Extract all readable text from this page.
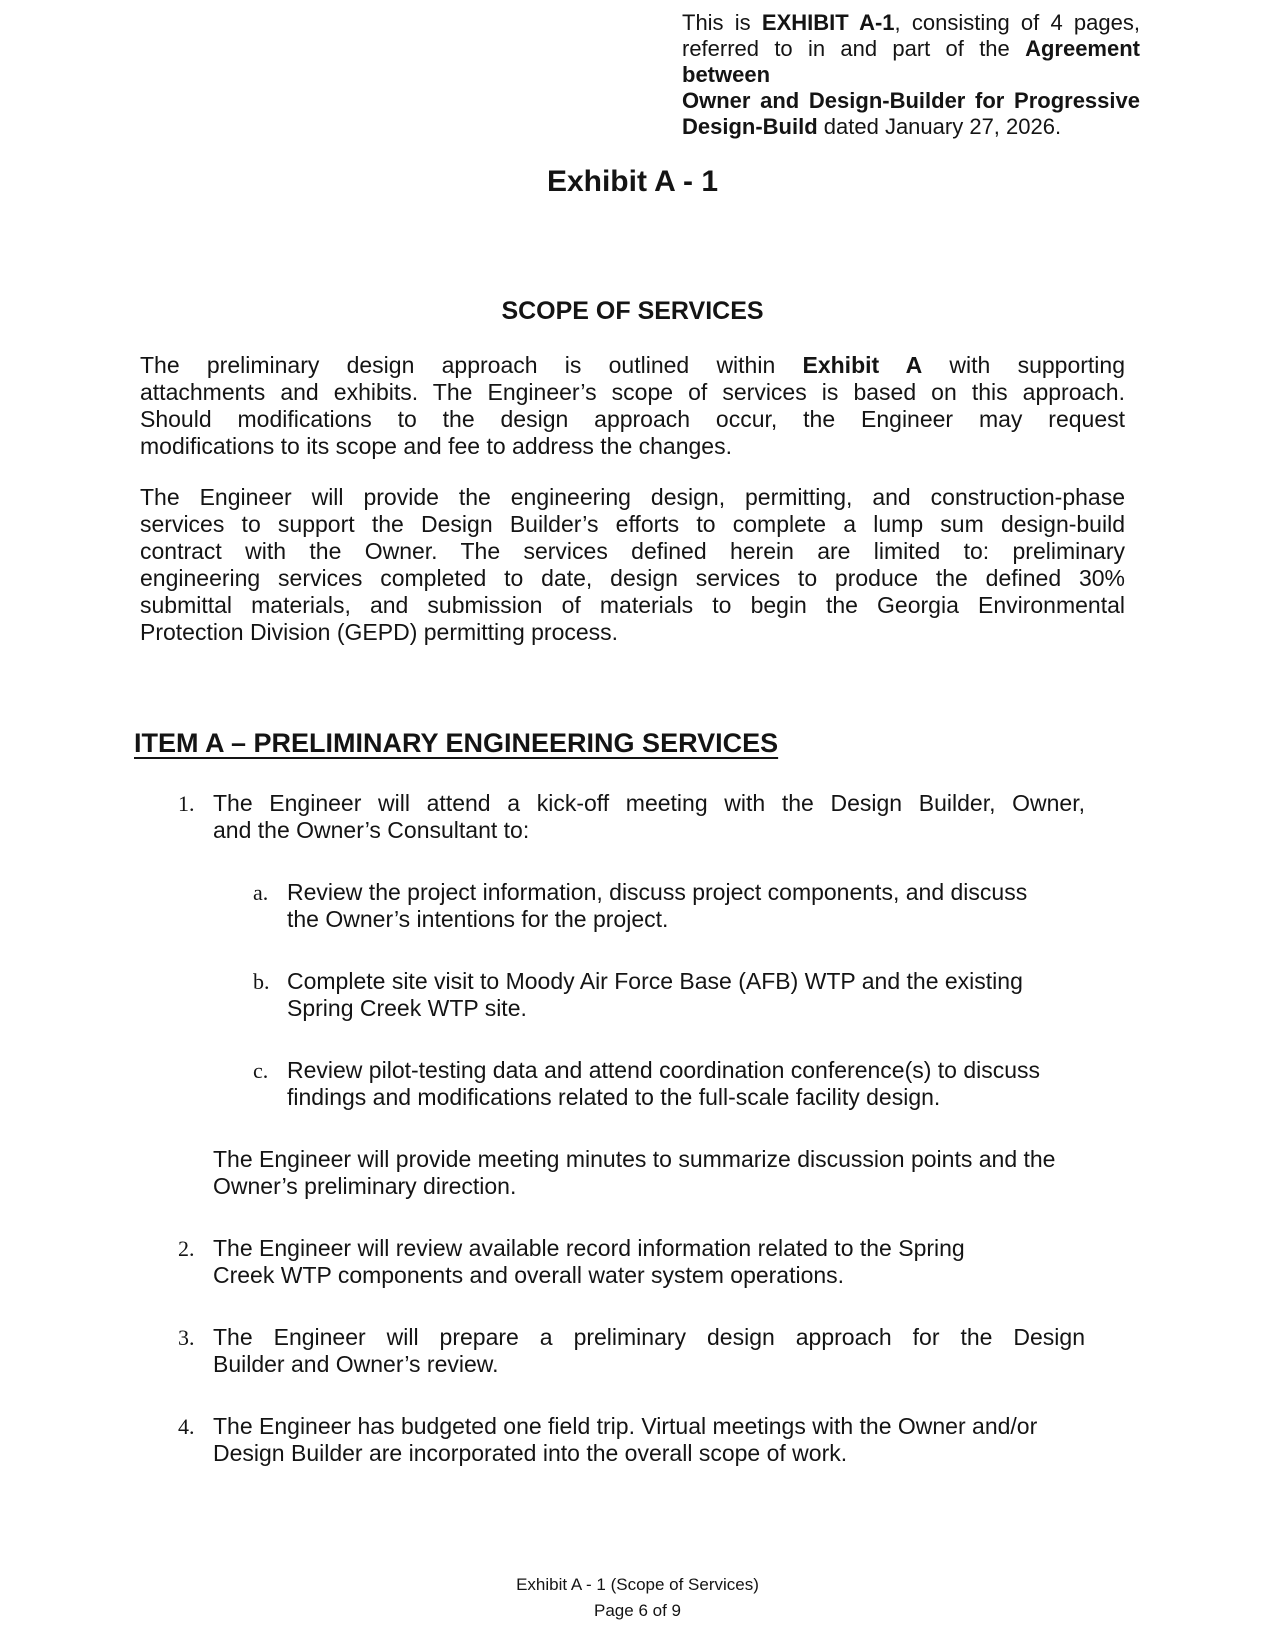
This is EXHIBIT A-1, consisting of 4 pages,
referred to in and part of the Agreement between
Owner and Design-Builder for Progressive
Design-Build dated January 27, 2026.
Exhibit A - 1
SCOPE OF SERVICES
The preliminary design approach is outlined within Exhibit A with supporting
attachments and exhibits. The Engineer’s scope of services is based on this approach.
Should modifications to the design approach occur, the Engineer may request
modifications to its scope and fee to address the changes.
The Engineer will provide the engineering design, permitting, and construction-phase
services to support the Design Builder’s efforts to complete a lump sum design-build
contract with the Owner. The services defined herein are limited to: preliminary
engineering services completed to date, design services to produce the defined 30%
submittal materials, and submission of materials to begin the Georgia Environmental
Protection Division (GEPD) permitting process.
ITEM A – PRELIMINARY ENGINEERING SERVICES
1. The Engineer will attend a kick-off meeting with the Design Builder, Owner,
and the Owner’s Consultant to:
a. Review the project information, discuss project components, and discuss
the Owner’s intentions for the project.
b. Complete site visit to Moody Air Force Base (AFB) WTP and the existing
Spring Creek WTP site.
c. Review pilot-testing data and attend coordination conference(s) to discuss
findings and modifications related to the full-scale facility design.
The Engineer will provide meeting minutes to summarize discussion points and the
Owner’s preliminary direction.
2. The Engineer will review available record information related to the Spring
Creek WTP components and overall water system operations.
3. The Engineer will prepare a preliminary design approach for the Design
Builder and Owner’s review.
4. The Engineer has budgeted one field trip. Virtual meetings with the Owner and/or
Design Builder are incorporated into the overall scope of work.
Exhibit A - 1 (Scope of Services)
Page 6 of 9
